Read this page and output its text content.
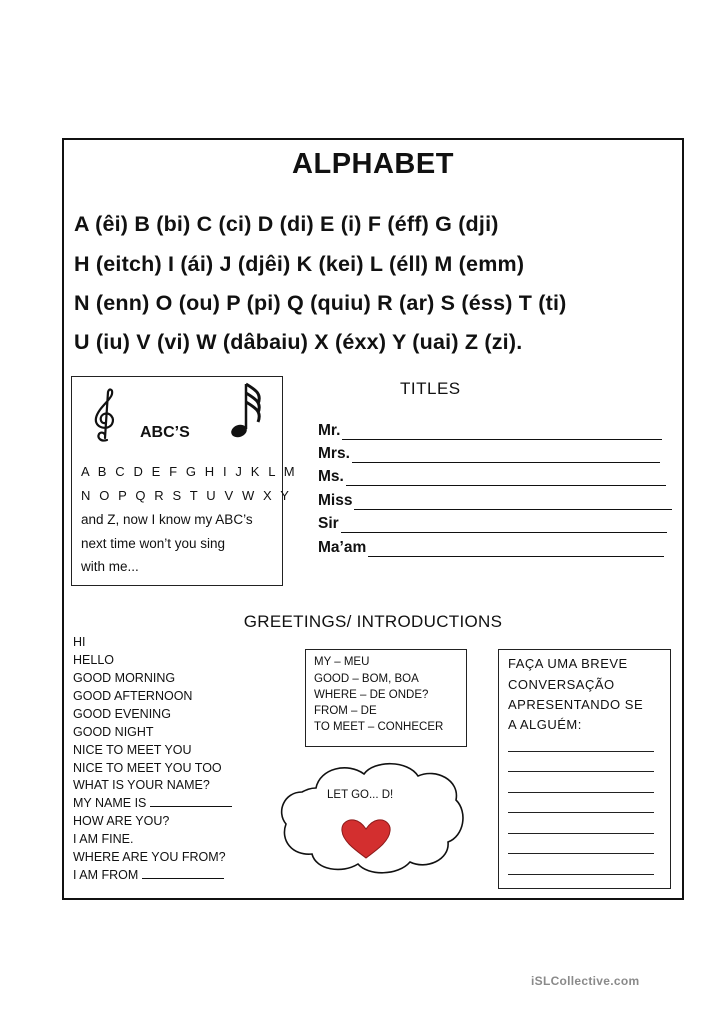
ALPHABET
A (êi) B (bi) C (ci) D (di) E (i) F (éff) G (dji)
H (eitch) I (ái) J (djêi) K (kei) L (éll) M (emm)
N (enn) O (ou) P (pi) Q (quiu) R (ar) S (éss) T (ti)
U (iu) V (vi) W (dâbaiu) X (éxx) Y (uai) Z (zi).
ABC’S
A B C D E F G H I J K L M
N O P Q R S T U V W X Y
and Z, now I know my ABC’s
next time won’t you sing
with me...
TITLES
Mr.
Mrs.
Ms.
Miss
Sir
Ma’am
GREETINGS/ INTRODUCTIONS
HI
HELLO
GOOD MORNING
GOOD AFTERNOON
GOOD EVENING
GOOD NIGHT
NICE TO MEET YOU
NICE TO MEET YOU TOO
WHAT IS YOUR NAME?
MY NAME IS
HOW ARE YOU?
I AM FINE.
WHERE ARE YOU FROM?
I AM FROM
MY – MEU
GOOD – BOM, BOA
WHERE – DE ONDE?
FROM – DE
TO MEET – CONHECER
LET GO... D!
FAÇA UMA BREVE
CONVERSAÇÃO
APRESENTANDO SE
A ALGUÉM:
iSLCollective.com
